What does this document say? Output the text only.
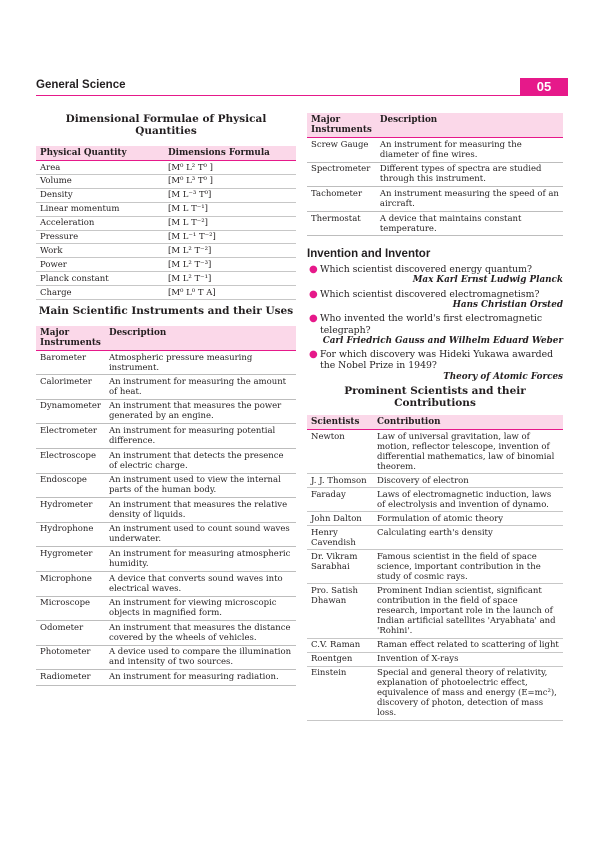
General Science	05
Dimensional Formulae of Physical Quantities
Physical Quantity	Dimensions Formula
Area	[M⁰ L² T⁰ ]
Volume	[M⁰ L³ T⁰ ]
Density	[M L⁻³ T⁰]
Linear momentum	[M L T⁻¹]
Acceleration	[M L T⁻²]
Pressure	[M L⁻¹ T⁻²]
Work	[M L² T⁻²]
Power	[M L² T⁻³]
Planck constant	[M L² T⁻¹]
Charge	[M⁰ L⁰ T A]
Main Scientific Instruments and their Uses
Major Instruments	Description
Barometer	Atmospheric pressure measuring instrument.
Calorimeter	An instrument for measuring the amount of heat.
Dynamometer	An instrument that measures the power generated by an engine.
Electrometer	An instrument for measuring potential difference.
Electroscope	An instrument that detects the presence of electric charge.
Endoscope	An instrument used to view the internal parts of the human body.
Hydrometer	An instrument that measures the relative density of liquids.
Hydrophone	An instrument used to count sound waves underwater.
Hygrometer	An instrument for measuring atmospheric humidity.
Microphone	A device that converts sound waves into electrical waves.
Microscope	An instrument for viewing microscopic objects in magnified form.
Odometer	An instrument that measures the distance covered by the wheels of vehicles.
Photometer	A device used to compare the illumination and intensity of two sources.
Radiometer	An instrument for measuring radiation.
Major Instruments	Description
Screw Gauge	An instrument for measuring the diameter of fine wires.
Spectrometer	Different types of spectra are studied through this instrument.
Tachometer	An instrument measuring the speed of an aircraft.
Thermostat	A device that maintains constant temperature.
Invention and Inventor
● Which scientist discovered energy quantum?
Max Karl Ernst Ludwig Planck
● Which scientist discovered electromagnetism?
Hans Christian Orsted
● Who invented the world's first electromagnetic telegraph?
Carl Friedrich Gauss and Wilhelm Eduard Weber
● For which discovery was Hideki Yukawa awarded the Nobel Prize in 1949?
Theory of Atomic Forces
Prominent Scientists and their Contributions
Scientists	Contribution
Newton	Law of universal gravitation, law of motion, reflector telescope, invention of differential mathematics, law of binomial theorem.
J. J. Thomson	Discovery of electron
Faraday	Laws of electromagnetic induction, laws of electrolysis and invention of dynamo.
John Dalton	Formulation of atomic theory
Henry Cavendish	Calculating earth's density
Dr. Vikram Sarabhai	Famous scientist in the field of space science, important contribution in the study of cosmic rays.
Pro. Satish Dhawan	Prominent Indian scientist, significant contribution in the field of space research, important role in the launch of Indian artificial satellites 'Aryabhata' and 'Rohini'.
C.V. Raman	Raman effect related to scattering of light
Roentgen	Invention of X-rays
Einstein	Special and general theory of relativity, explanation of photoelectric effect, equivalence of mass and energy (E=mc²), discovery of photon, detection of mass loss.
